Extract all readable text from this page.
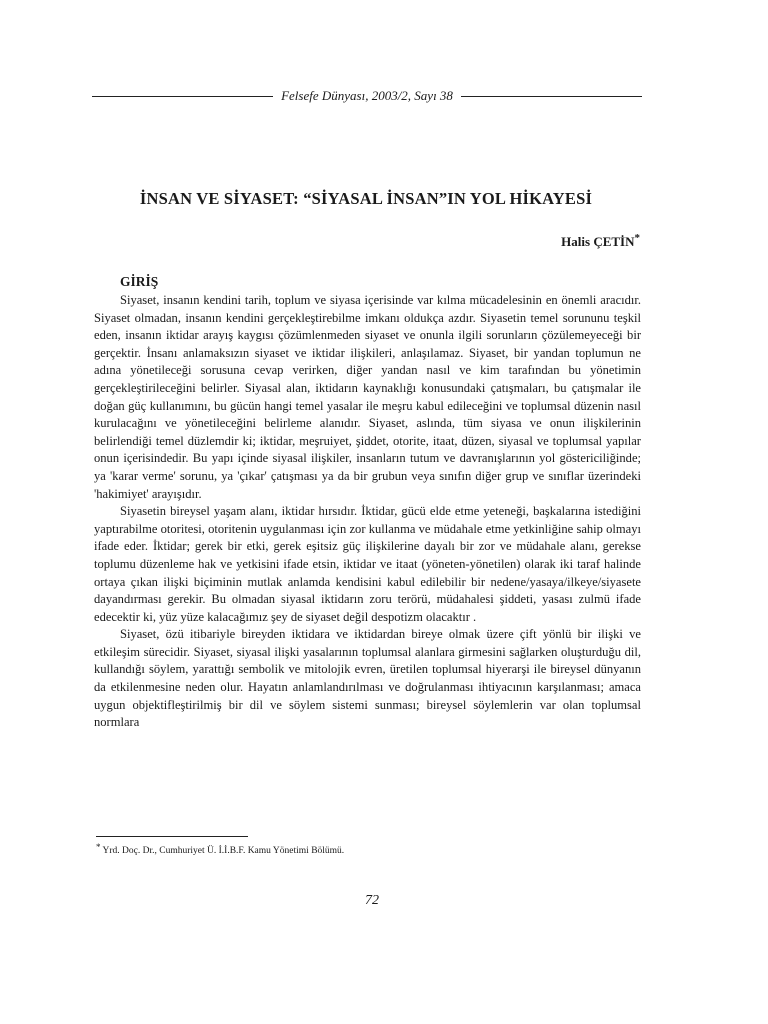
Felsefe Dünyası, 2003/2, Sayı 38
İNSAN VE SİYASET: “SİYASAL İNSAN”IN YOL HİKAYESİ
Halis ÇETİN*
GİRİŞ

Siyaset, insanın kendini tarih, toplum ve siyasa içerisinde var kılma mücadelesinin en önemli aracıdır. Siyaset olmadan, insanın kendini gerçekleştirebilme imkanı oldukça azdır. Siyasetin temel sorununu teşkil eden, insanın iktidar arayış kaygısı çözümlenmeden siyaset ve onunla ilgili sorunların çözülemeyeceği bir gerçektir. İnsanı anlamaksızın siyaset ve iktidar ilişkileri, anlaşılamaz. Siyaset, bir yandan toplumun ne adına yönetileceği sorusuna cevap verirken, diğer yandan nasıl ve kim tarafından bu yönetimin gerçekleştirileceğini belirler. Siyasal alan, iktidarın kaynaklığı konusundaki çatışmaları, bu çatışmalar ile doğan güç kullanımını, bu gücün hangi temel yasalar ile meşru kabul edileceğini ve toplumsal düzenin nasıl kurulacağını ve yönetileceğini belirleme alanıdır. Siyaset, aslında, tüm siyasa ve onun ilişkilerinin belirlendiği temel düzlemdir ki; iktidar, meşruiyet, şiddet, otorite, itaat, düzen, siyasal ve toplumsal yapılar onun içerisindedir. Bu yapı içinde siyasal ilişkiler, insanların tutum ve davranışlarının yol göstericiliğinde; ya 'karar verme' sorunu, ya 'çıkar' çatışması ya da bir grubun veya sınıfın diğer grup ve sınıflar üzerindeki 'hakimiyet' arayışıdır.

Siyasetin bireysel yaşam alanı, iktidar hırsıdır. İktidar, gücü elde etme yeteneği, başkalarına istediğini yaptırabilme otoritesi, otoritenin uygulanması için zor kullanma ve müdahale etme yetkinliğine sahip olmayı ifade eder. İktidar; gerek bir etki, gerek eşitsiz güç ilişkilerine dayalı bir zor ve müdahale alanı, gerekse toplumu düzenleme hak ve yetkisini ifade etsin, iktidar ve itaat (yöneten-yönetilen) olarak iki taraf halinde ortaya çıkan ilişki biçiminin mutlak anlamda kendisini kabul edilebilir bir nedene/yasaya/ilkeye/siyasete dayandırması gerekir. Bu olmadan siyasal iktidarın zoru terörü, müdahalesi şiddeti, yasası zulmü ifade edecektir ki, yüz yüze kalacağımız şey de siyaset değil despotizm olacaktır .

Siyaset, özü itibariyle bireyden iktidara ve iktidardan bireye olmak üzere çift yönlü bir ilişki ve etkileşim sürecidir. Siyaset, siyasal ilişki yasalarının toplumsal alanlara girmesini sağlarken oluşturduğu dil, kullandığı söylem, yarattığı sembolik ve mitolojik evren, üretilen toplumsal hiyerarşi ile bireysel dünyanın da etkilenmesine neden olur. Hayatın anlamlandırılması ve doğrulanması ihtiyacının karşılanması; amaca uygun objektifleştirilmiş bir dil ve söylem sistemi sunması; bireysel söylemlerin var olan toplumsal normlara

* Yrd. Doç. Dr., Cumhuriyet Ü. İ.İ.B.F. Kamu Yönetimi Bölümü.
72
